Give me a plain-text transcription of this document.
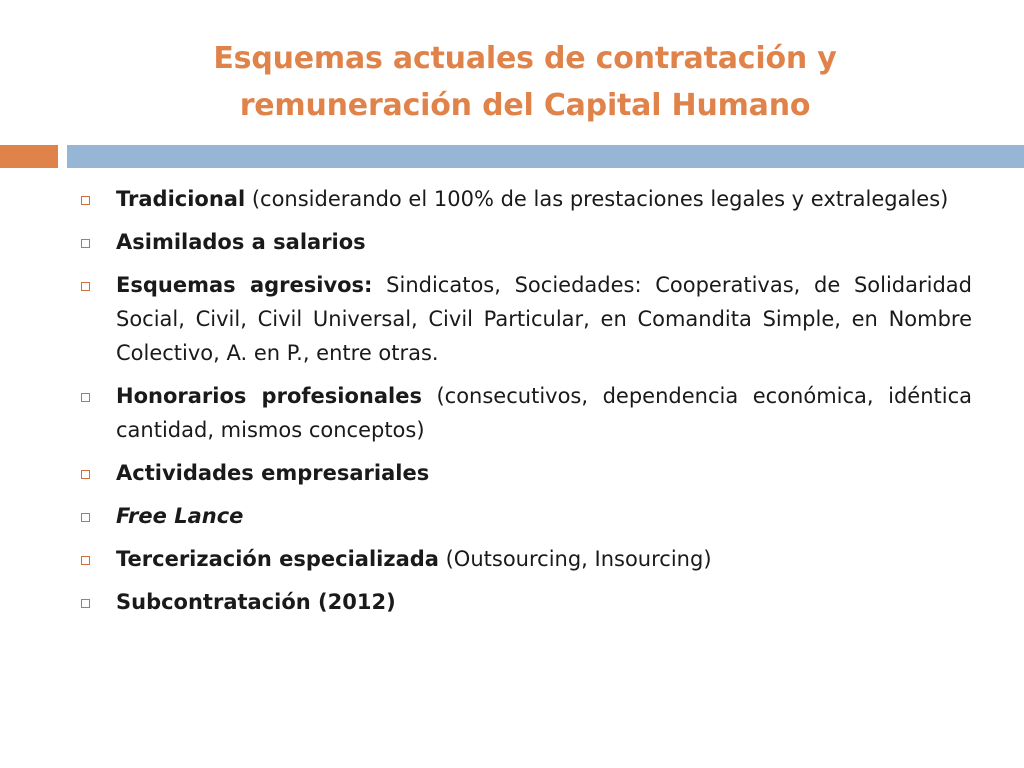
Esquemas actuales de contratación y
remuneración del Capital Humano
Tradicional (considerando el 100% de las prestaciones legales y extralegales)
Asimilados a salarios
Esquemas agresivos: Sindicatos, Sociedades: Cooperativas, de Solidaridad Social, Civil, Civil Universal, Civil Particular, en Comandita Simple, en Nombre Colectivo, A. en P., entre otras.
Honorarios profesionales (consecutivos, dependencia económica, idéntica cantidad, mismos conceptos)
Actividades empresariales
Free Lance
Tercerización especializada (Outsourcing, Insourcing)
Subcontratación (2012)
